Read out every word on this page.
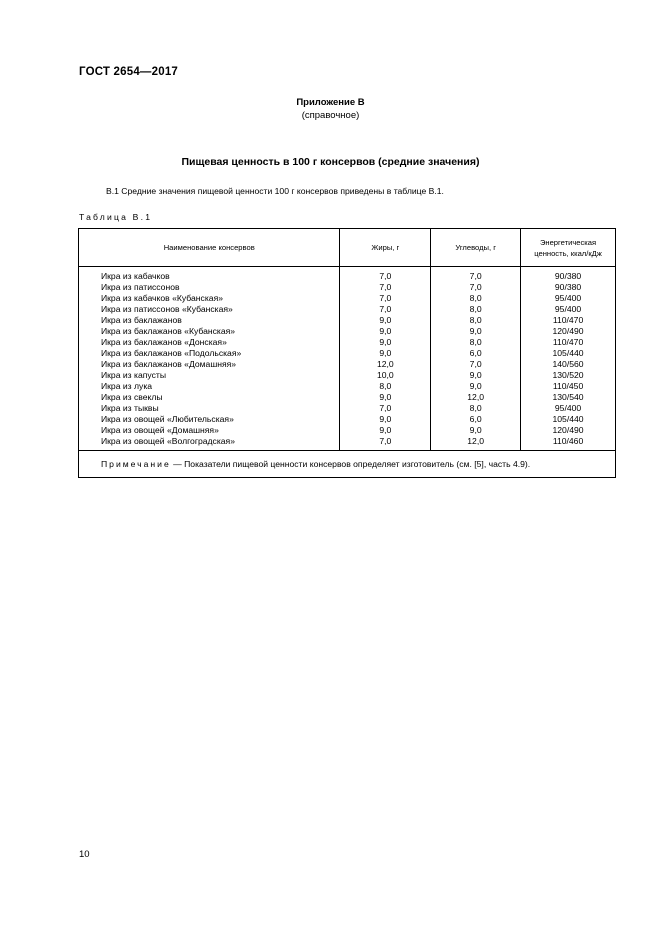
ГОСТ 2654—2017
Приложение В
(справочное)
Пищевая ценность в 100 г консервов (средние значения)
В.1 Средние значения пищевой ценности 100 г консервов приведены в таблице В.1.
Таблица В.1
Наименование консервов	Жиры, г	Углеводы, г	Энергетическая ценность, ккал/кДж
Икра из кабачков	7,0	7,0	90/380
Икра из патиссонов	7,0	7,0	90/380
Икра из кабачков «Кубанская»	7,0	8,0	95/400
Икра из патиссонов «Кубанская»	7,0	8,0	95/400
Икра из баклажанов	9,0	8,0	110/470
Икра из баклажанов «Кубанская»	9,0	9,0	120/490
Икра из баклажанов «Донская»	9,0	8,0	110/470
Икра из баклажанов «Подольская»	9,0	6,0	105/440
Икра из баклажанов «Домашняя»	12,0	7,0	140/560
Икра из капусты	10,0	9,0	130/520
Икра из лука	8,0	9,0	110/450
Икра из свеклы	9,0	12,0	130/540
Икра из тыквы	7,0	8,0	95/400
Икра из овощей «Любительская»	9,0	6,0	105/440
Икра из овощей «Домашняя»	9,0	9,0	120/490
Икра из овощей «Волгоградская»	7,0	12,0	110/460
Примечание — Показатели пищевой ценности консервов определяет изготовитель (см. [5], часть 4.9).			
10
